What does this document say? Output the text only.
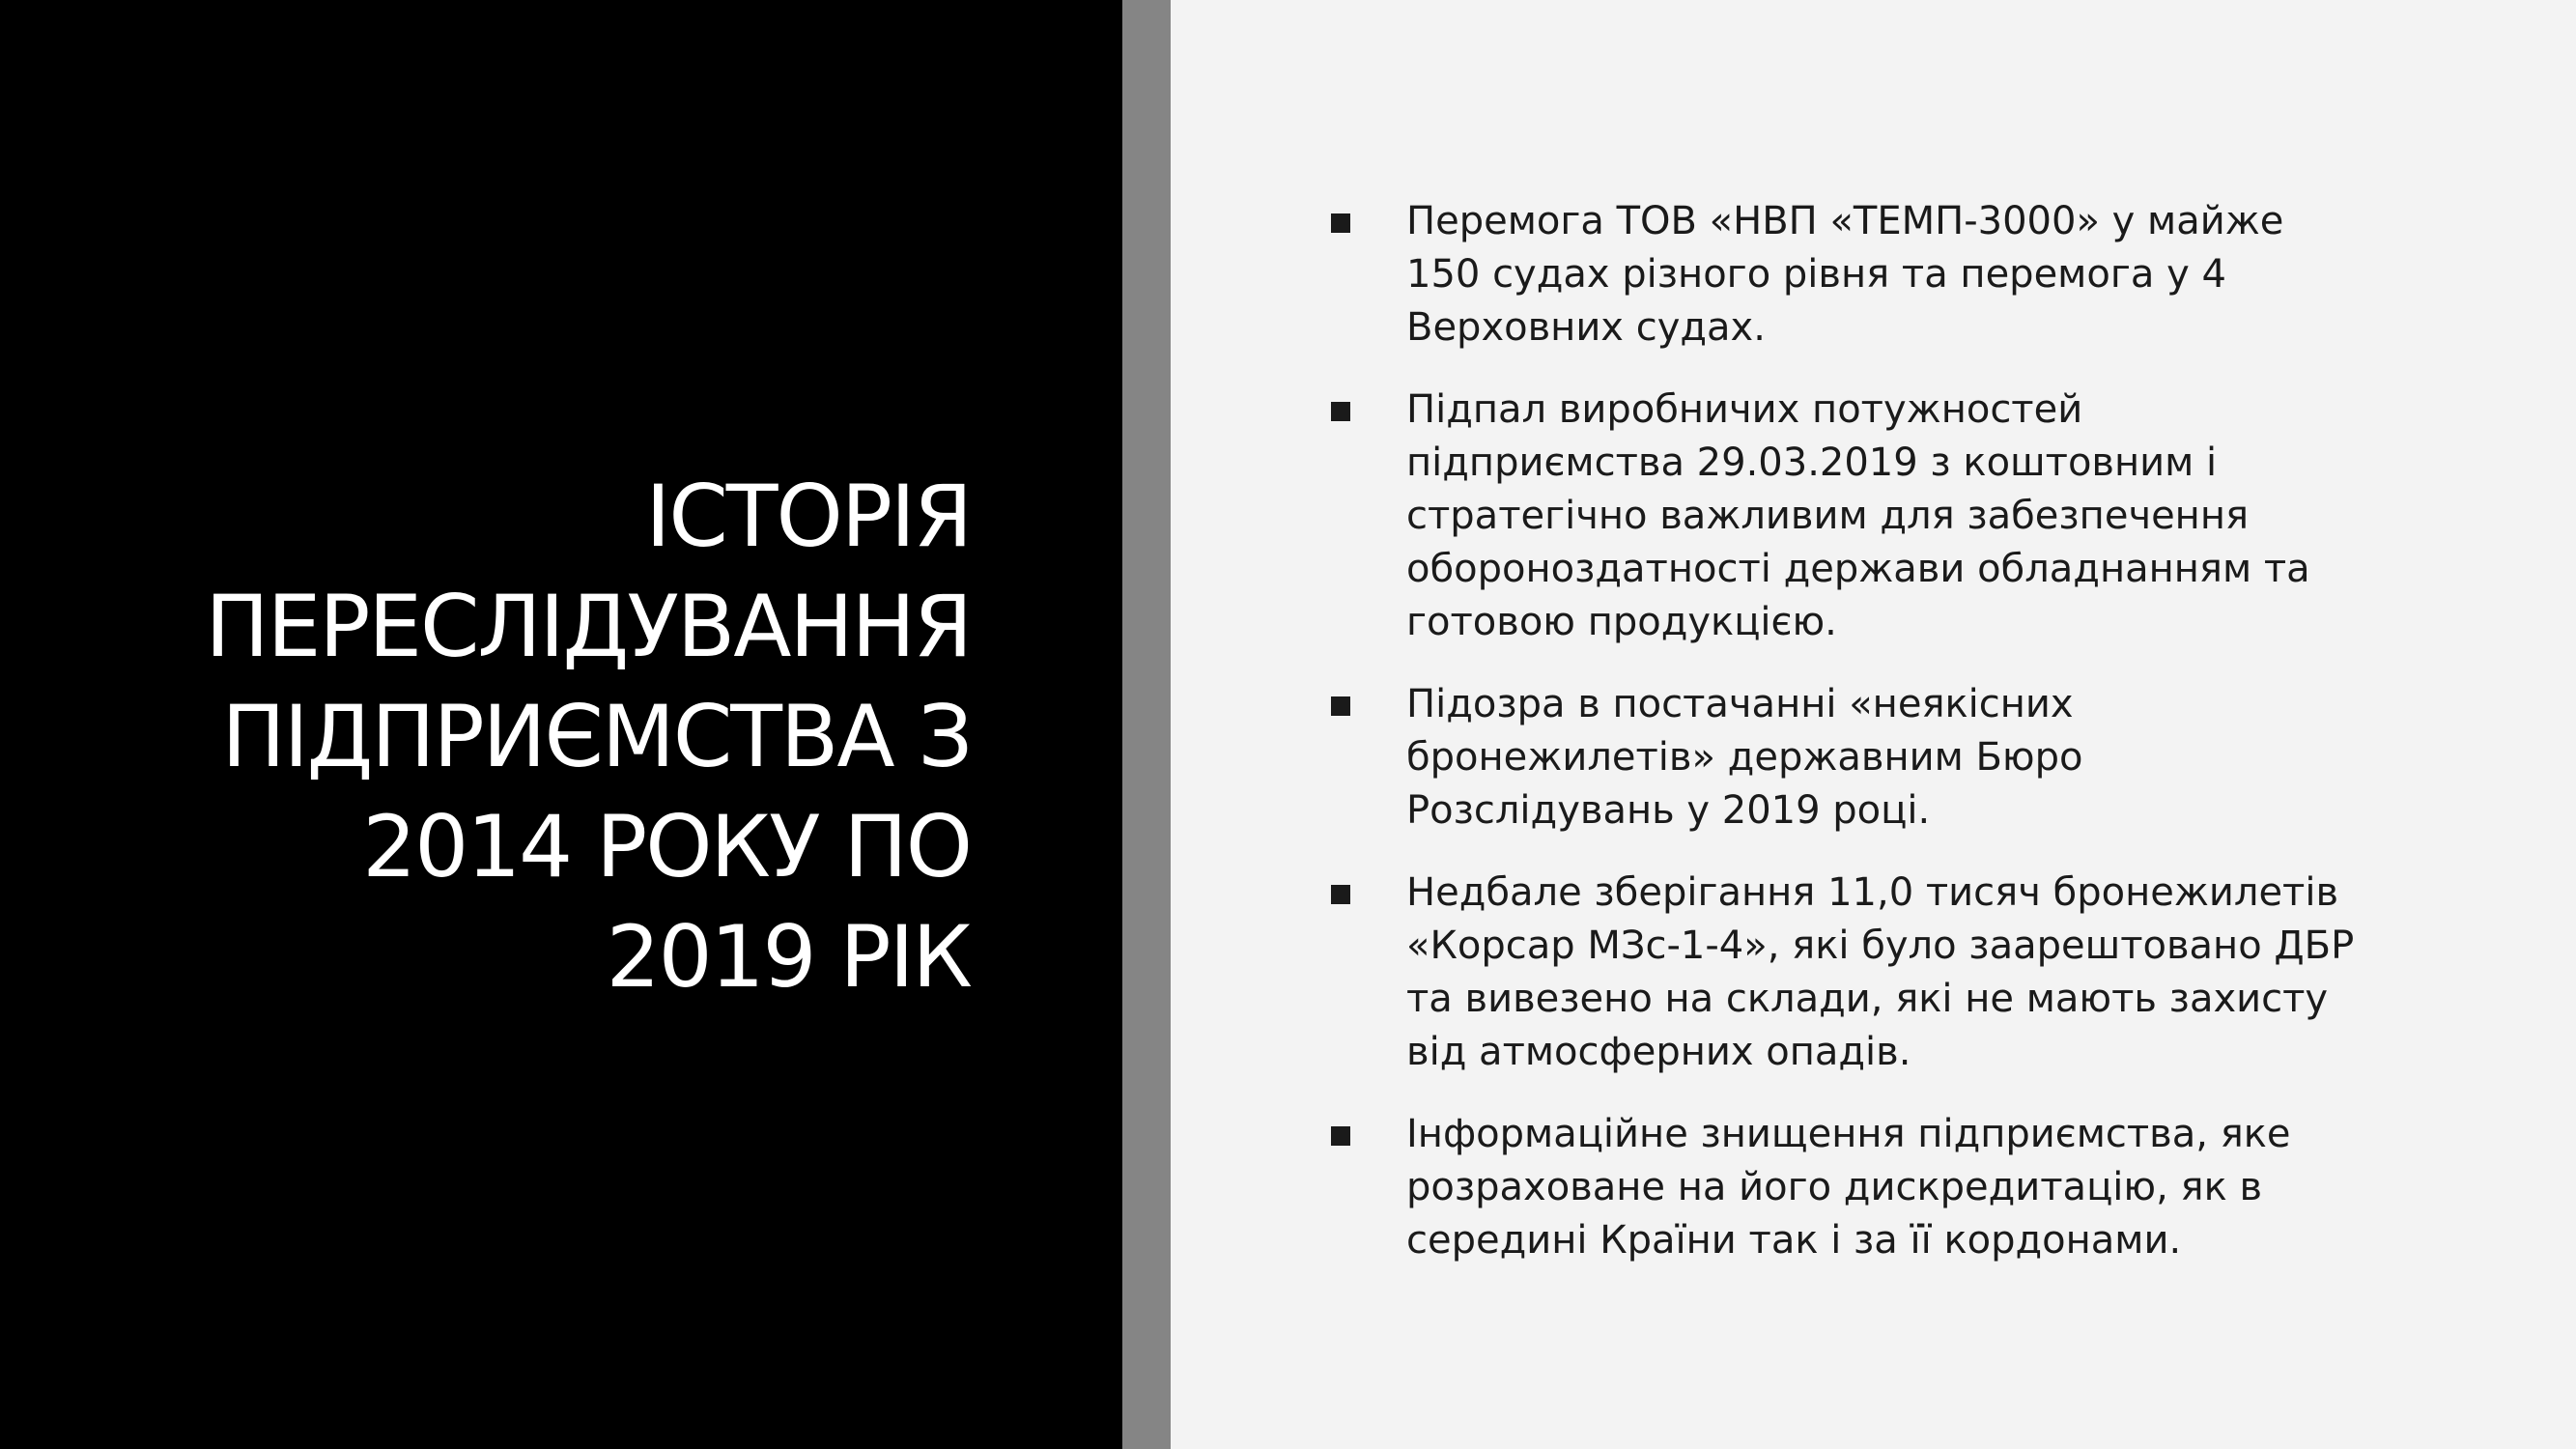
ІСТОРІЯ
ПЕРЕСЛІДУВАННЯ
ПІДПРИЄМСТВА З
2014 РОКУ ПО
2019 РІК
Перемога ТОВ «НВП «ТЕМП-3000» у майже 150 судах різного рівня та перемога у 4 Верховних судах.
Підпал виробничих потужностей підприємства 29.03.2019 з коштовним і стратегічно важливим для забезпечення обороноздатності держави обладнанням та готовою продукцією.
Підозра в постачанні «неякісних бронежилетів» державним Бюро Розслідувань у 2019 році.
Недбале зберігання 11,0 тисяч бронежилетів «Корсар МЗс-1-4», які було заарештовано ДБР та вивезено на склади, які не мають захисту від атмосферних опадів.
Інформаційне знищення підприємства, яке розраховане на його дискредитацію, як в середині Країни так і за її кордонами.
